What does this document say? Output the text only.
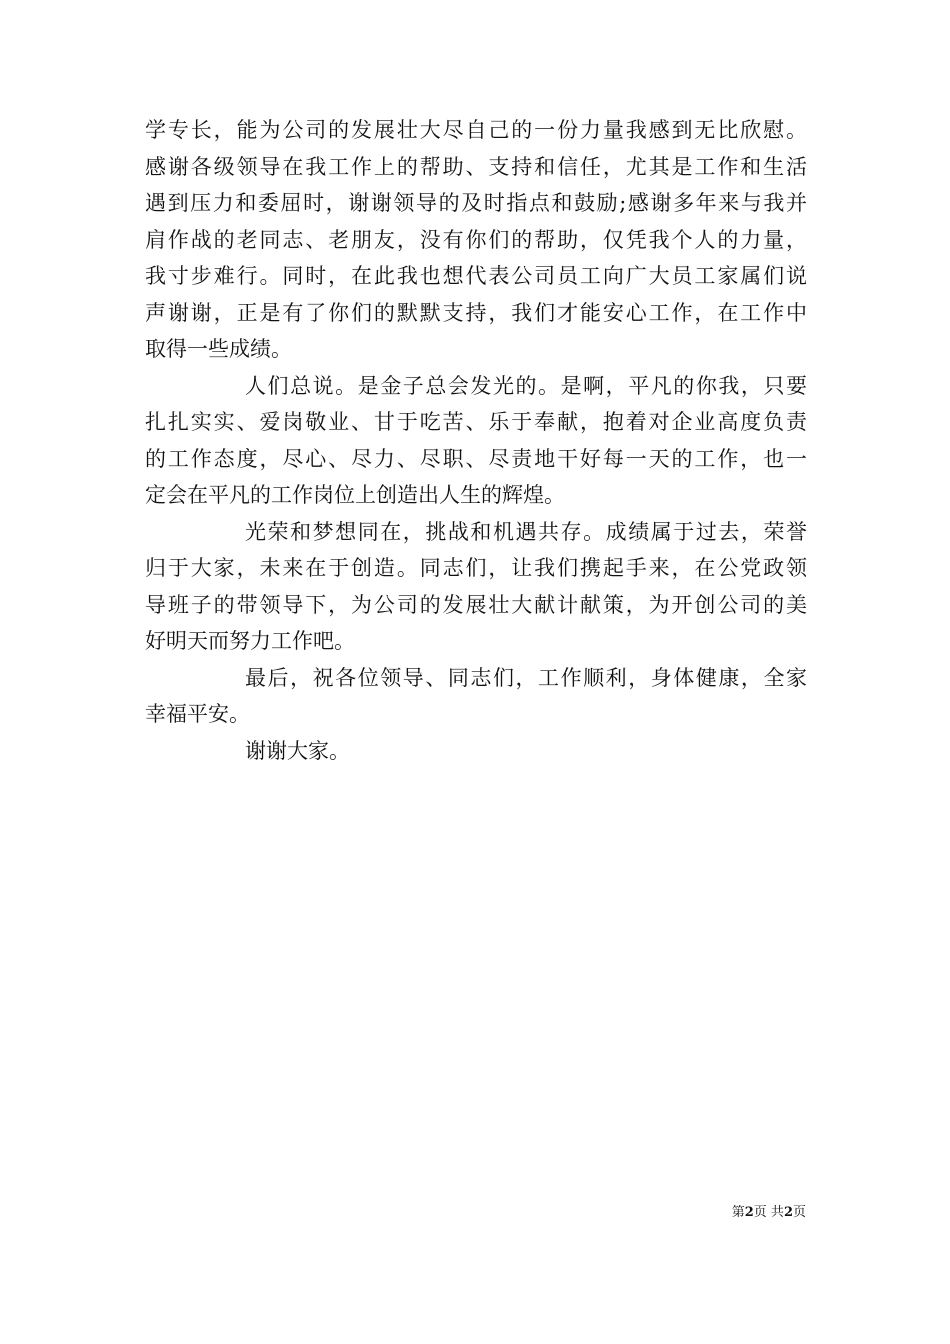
学专长，能为公司的发展壮大尽自己的一份力量我感到无比欣慰。
感谢各级领导在我工作上的帮助、支持和信任，尤其是工作和生活
遇到压力和委屈时，谢谢领导的及时指点和鼓励;感谢多年来与我并
肩作战的老同志、老朋友，没有你们的帮助，仅凭我个人的力量，
我寸步难行。同时，在此我也想代表公司员工向广大员工家属们说
声谢谢，正是有了你们的默默支持，我们才能安心工作，在工作中
取得一些成绩。
人们总说。是金子总会发光的。是啊，平凡的你我，只要
扎扎实实、爱岗敬业、甘于吃苦、乐于奉献，抱着对企业高度负责
的工作态度，尽心、尽力、尽职、尽责地干好每一天的工作，也一
定会在平凡的工作岗位上创造出人生的辉煌。
光荣和梦想同在，挑战和机遇共存。成绩属于过去，荣誉
归于大家，未来在于创造。同志们，让我们携起手来，在公党政领
导班子的带领导下，为公司的发展壮大献计献策，为开创公司的美
好明天而努力工作吧。
最后，祝各位领导、同志们，工作顺利，身体健康，全家
幸福平安。
谢谢大家。
第2页 共2页
